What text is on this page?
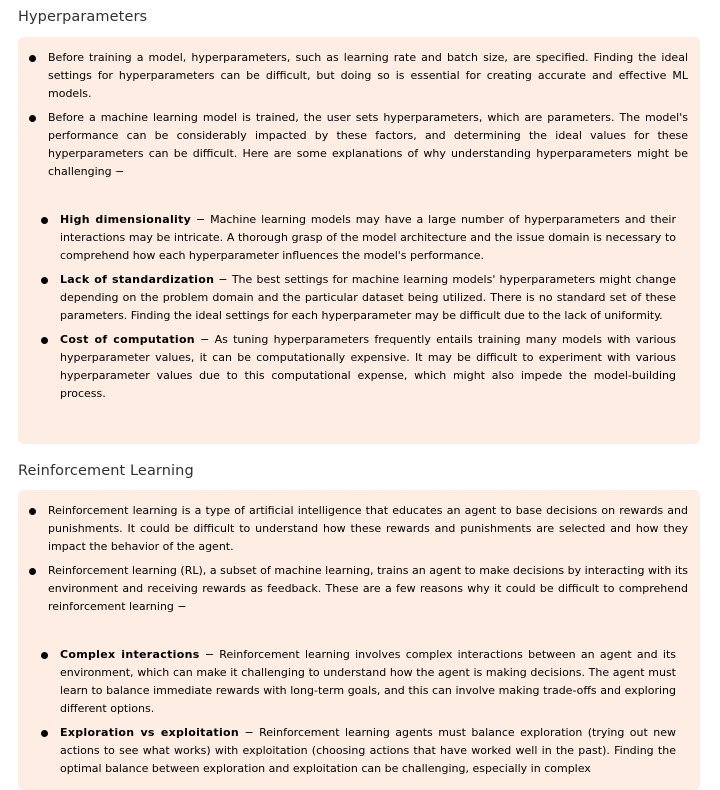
Hyperparameters
Before training a model, hyperparameters, such as learning rate and batch size, are specified. Finding the ideal settings for hyperparameters can be difficult, but doing so is essential for creating accurate and effective ML models.
Before a machine learning model is trained, the user sets hyperparameters, which are parameters. The model's performance can be considerably impacted by these factors, and determining the ideal values for these hyperparameters can be difficult. Here are some explanations of why understanding hyperparameters might be challenging −
High dimensionality − Machine learning models may have a large number of hyperparameters and their interactions may be intricate. A thorough grasp of the model architecture and the issue domain is necessary to comprehend how each hyperparameter influences the model's performance.
Lack of standardization − The best settings for machine learning models' hyperparameters might change depending on the problem domain and the particular dataset being utilized. There is no standard set of these parameters. Finding the ideal settings for each hyperparameter may be difficult due to the lack of uniformity.
Cost of computation − As tuning hyperparameters frequently entails training many models with various hyperparameter values, it can be computationally expensive. It may be difficult to experiment with various hyperparameter values due to this computational expense, which might also impede the model-building process.
Reinforcement Learning
Reinforcement learning is a type of artificial intelligence that educates an agent to base decisions on rewards and punishments. It could be difficult to understand how these rewards and punishments are selected and how they impact the behavior of the agent.
Reinforcement learning (RL), a subset of machine learning, trains an agent to make decisions by interacting with its environment and receiving rewards as feedback. These are a few reasons why it could be difficult to comprehend reinforcement learning −
Complex interactions − Reinforcement learning involves complex interactions between an agent and its environment, which can make it challenging to understand how the agent is making decisions. The agent must learn to balance immediate rewards with long-term goals, and this can involve making trade-offs and exploring different options.
Exploration vs exploitation − Reinforcement learning agents must balance exploration (trying out new actions to see what works) with exploitation (choosing actions that have worked well in the past). Finding the optimal balance between exploration and exploitation can be challenging, especially in complex
